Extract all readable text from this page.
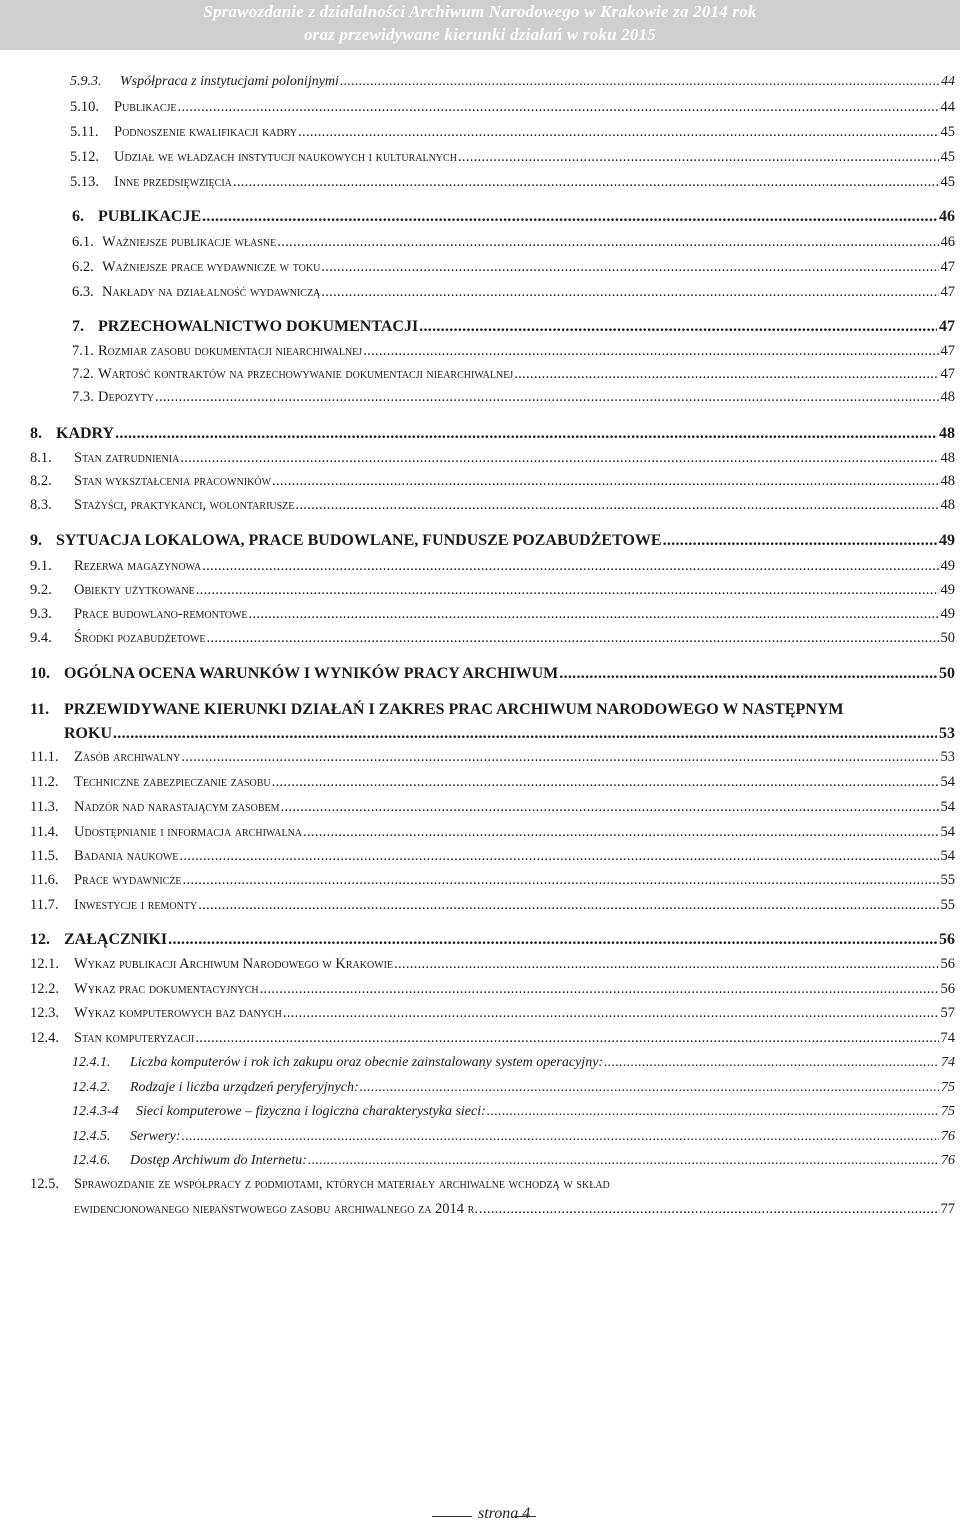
Sprawozdanie z działalności Archiwum Narodowego w Krakowie za 2014 rok
oraz przewidywane kierunki działań w roku 2015
5.9.3.	Współpraca z instytucjami polonijnymi .....	44
5.10.	Publikacje .....	44
5.11.	Podnoszenie kwalifikacji kadry .....	45
5.12.	Udział we władzach instytucji naukowych i kulturalnych .....	45
5.13.	Inne przedsięwzięcia .....	45
6. PUBLIKACJE .....	46
6.1. Ważniejsze publikacje własne .....	46
6.2. Ważniejsze prace wydawnicze w toku .....	47
6.3. Nakłady na działalność wydawniczą .....	47
7. PRZECHOWALNICTWO DOKUMENTACJI .....	47
7.1. Rozmiar zasobu dokumentacji niearchiwalnej .....	47
7.2. Wartość kontraktów na przechowywanie dokumentacji niearchiwalnej .....	47
7.3. Depozyty .....	48
8. KADRY .....	48
8.1.	Stan zatrudnienia .....	48
8.2.	Stan wykształcenia pracowników .....	48
8.3.	Stażyści, praktykanci, wolontariusze .....	48
9. SYTUACJA LOKALOWA, PRACE BUDOWLANE, FUNDUSZE POZABUDŻETOWE .....	49
9.1.	Rezerwa magazynowa .....	49
9.2.	Obiekty użytkowane .....	49
9.3.	Prace budowlano-remontowe .....	49
9.4.	Środki pozabudżetowe .....	50
10. OGÓLNA OCENA WARUNKÓW I WYNIKÓW PRACY ARCHIWUM .....	50
11. PRZEWIDYWANE KIERUNKI DZIAŁAŃ I ZAKRES PRAC ARCHIWUM NARODOWEGO W NASTĘPNYM
ROKU .....	53
11.1.	Zasób archiwalny .....	53
11.2.	Techniczne zabezpieczanie zasobu .....	54
11.3.	Nadzór nad narastającym zasobem .....	54
11.4.	Udostępnianie i informacja archiwalna .....	54
11.5.	Badania naukowe .....	54
11.6.	Prace wydawnicze .....	55
11.7.	Inwestycje i remonty .....	55
12. ZAŁĄCZNIKI .....	56
12.1.	Wykaz publikacji Archiwum Narodowego w Krakowie .....	56
12.2.	Wykaz prac dokumentacyjnych .....	56
12.3.	Wykaz komputerowych baz danych .....	57
12.4.	Stan komputeryzacji .....	74
12.4.1.	Liczba komputerów i rok ich zakupu oraz obecnie zainstalowany system operacyjny: .....	74
12.4.2.	Rodzaje i liczba urządzeń peryferyjnych: .....	75
12.4.3-4	Sieci komputerowe – fizyczna i logiczna charakterystyka sieci: .....	75
12.4.5.	Serwery: .....	76
12.4.6.	Dostęp Archiwum do Internetu: .....	76
12.5.	Sprawozdanie ze współpracy z podmiotami, których materiały archiwalne wchodzą w skład
ewidencjonowanego niepaństwowego zasobu archiwalnego za 2014 r. .....	77
strona 4
